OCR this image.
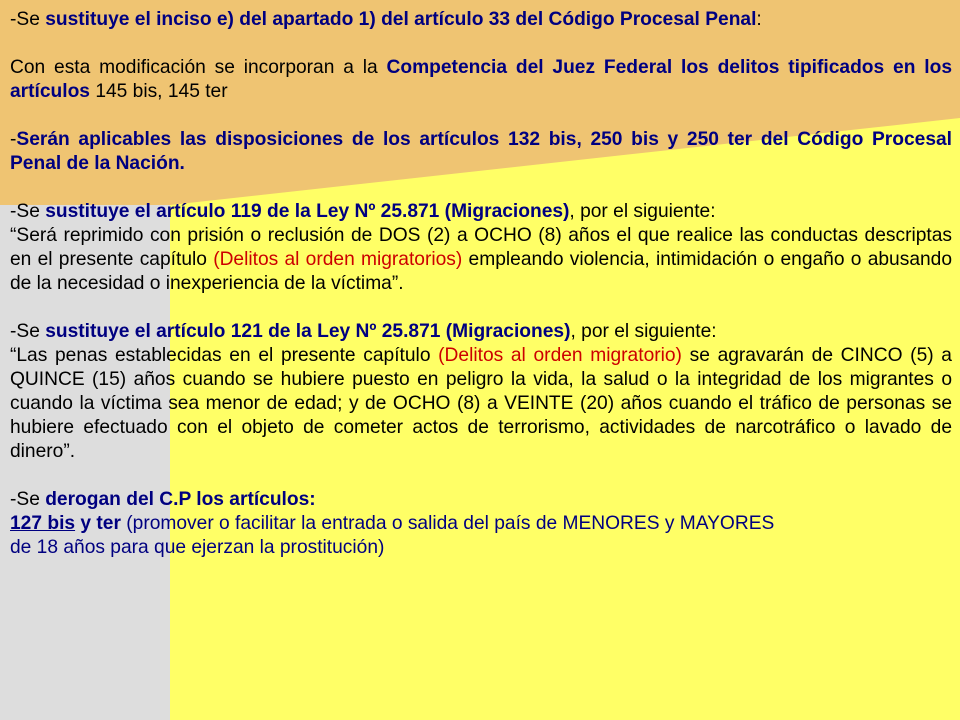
-Se sustituye el inciso e) del apartado 1) del artículo 33 del Código Procesal Penal:

Con esta modificación se incorporan a la Competencia del Juez Federal los delitos tipificados en los artículos 145 bis, 145 ter

-Serán aplicables las disposiciones de los artículos 132 bis, 250 bis y 250 ter del Código Procesal Penal de la Nación.

-Se sustituye el artículo 119 de la Ley Nº 25.871 (Migraciones), por el siguiente:
“Será reprimido con prisión o reclusión de DOS (2) a OCHO (8) años el que realice las conductas descriptas en el presente capítulo (Delitos al orden migratorios) empleando violencia, intimidación o engaño o abusando de la necesidad o inexperiencia de la víctima”.

-Se sustituye el artículo 121 de la Ley Nº 25.871 (Migraciones), por el siguiente:
“Las penas establecidas en el presente capítulo (Delitos al orden migratorio) se agravarán de CINCO (5) a QUINCE (15) años cuando se hubiere puesto en peligro la vida, la salud o la integridad de los migrantes o cuando la víctima sea menor de edad; y de OCHO (8) a VEINTE (20) años cuando el tráfico de personas se hubiere efectuado con el objeto de cometer actos de terrorismo, actividades de narcotráfico o lavado de dinero”.

-Se derogan del C.P los artículos:
127 bis y ter (promover o facilitar la entrada o salida del país de MENORES y MAYORES
de 18 años para que ejerzan la prostitución)
